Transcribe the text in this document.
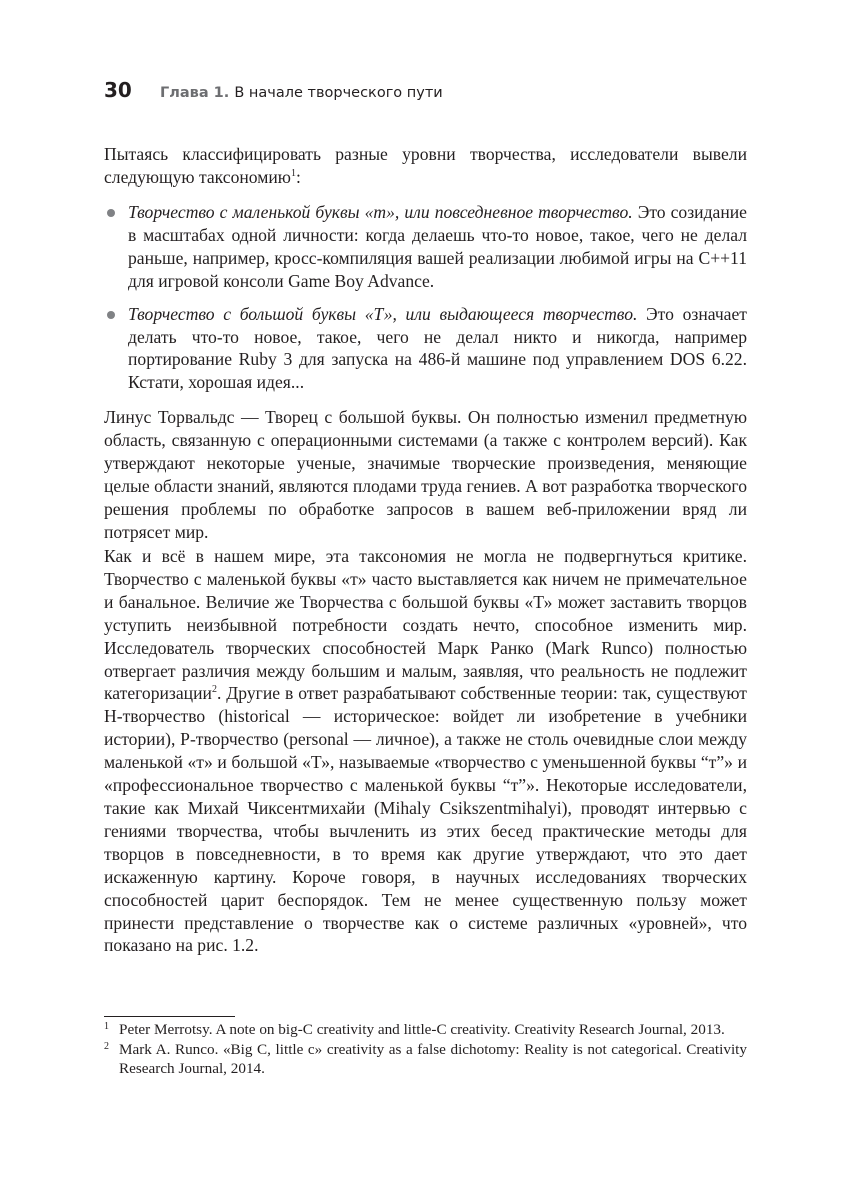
30 Глава 1. В начале творческого пути

Пытаясь классифицировать разные уровни творчества, исследователи вывели следующую таксономию$^1$:

Творчество с маленькой буквы «т», или повседневное творчество. Это созидание в масштабах одной личности: когда делаешь что-то новое, такое, чего не делал раньше, например, кросс-компиляция вашей реализации любимой игры на C++11 для игровой консоли Game Boy Advance.
Творчество с большой буквы «Т», или выдающееся творчество. Это означает делать что-то новое, такое, чего не делал никто и никогда, например портирование Ruby 3 для запуска на 486-й машине под управлением DOS 6.22. Кстати, хорошая идея...

Линус Торвальдс — Творец с большой буквы. Он полностью изменил предметную область, связанную с операционными системами (а также с контролем версий). Как утверждают некоторые ученые, значимые творческие произведения, меняющие целые области знаний, являются плодами труда гениев. А вот разработка творческого решения проблемы по обработке запросов в вашем веб-приложении вряд ли потрясет мир.

Как и всё в нашем мире, эта таксономия не могла не подвергнуться критике. Творчество с маленькой буквы «т» часто выставляется как ничем не примечательное и банальное. Величие же Творчества с большой буквы «Т» может заставить творцов уступить неизбывной потребности создать нечто, способное изменить мир. Исследователь творческих способностей Марк Ранко (Mark Runco) полностью отвергает различия между большим и малым, заявляя, что реальность не подлежит категоризации$^2$. Другие в ответ разрабатывают собственные теории: так, существуют H-творчество (historical — историческое: войдет ли изобретение в учебники истории), P-творчество (personal — личное), а также не столь очевидные слои между маленькой «т» и большой «Т», называемые «творчество с уменьшенной буквы “т”» и «профессиональное творчество с маленькой буквы “т”». Некоторые исследователи, такие как Михай Чиксентмихайи (Mihaly Csikszentmihalyi), проводят интервью с гениями творчества, чтобы вычленить из этих бесед практические методы для творцов в повседневности, в то время как другие утверждают, что это дает искаженную картину. Короче говоря, в научных исследованиях творческих способностей царит беспорядок. Тем не менее существенную пользу может принести представление о творчестве как о системе различных «уровней», что показано на рис. 1.2.

1 Peter Merrotsy. A note on big-C creativity and little-C creativity. Creativity Research Journal, 2013.
2 Mark A. Runco. «Big C, little c» creativity as a false dichotomy: Reality is not categorical. Creativity Research Journal, 2014.
